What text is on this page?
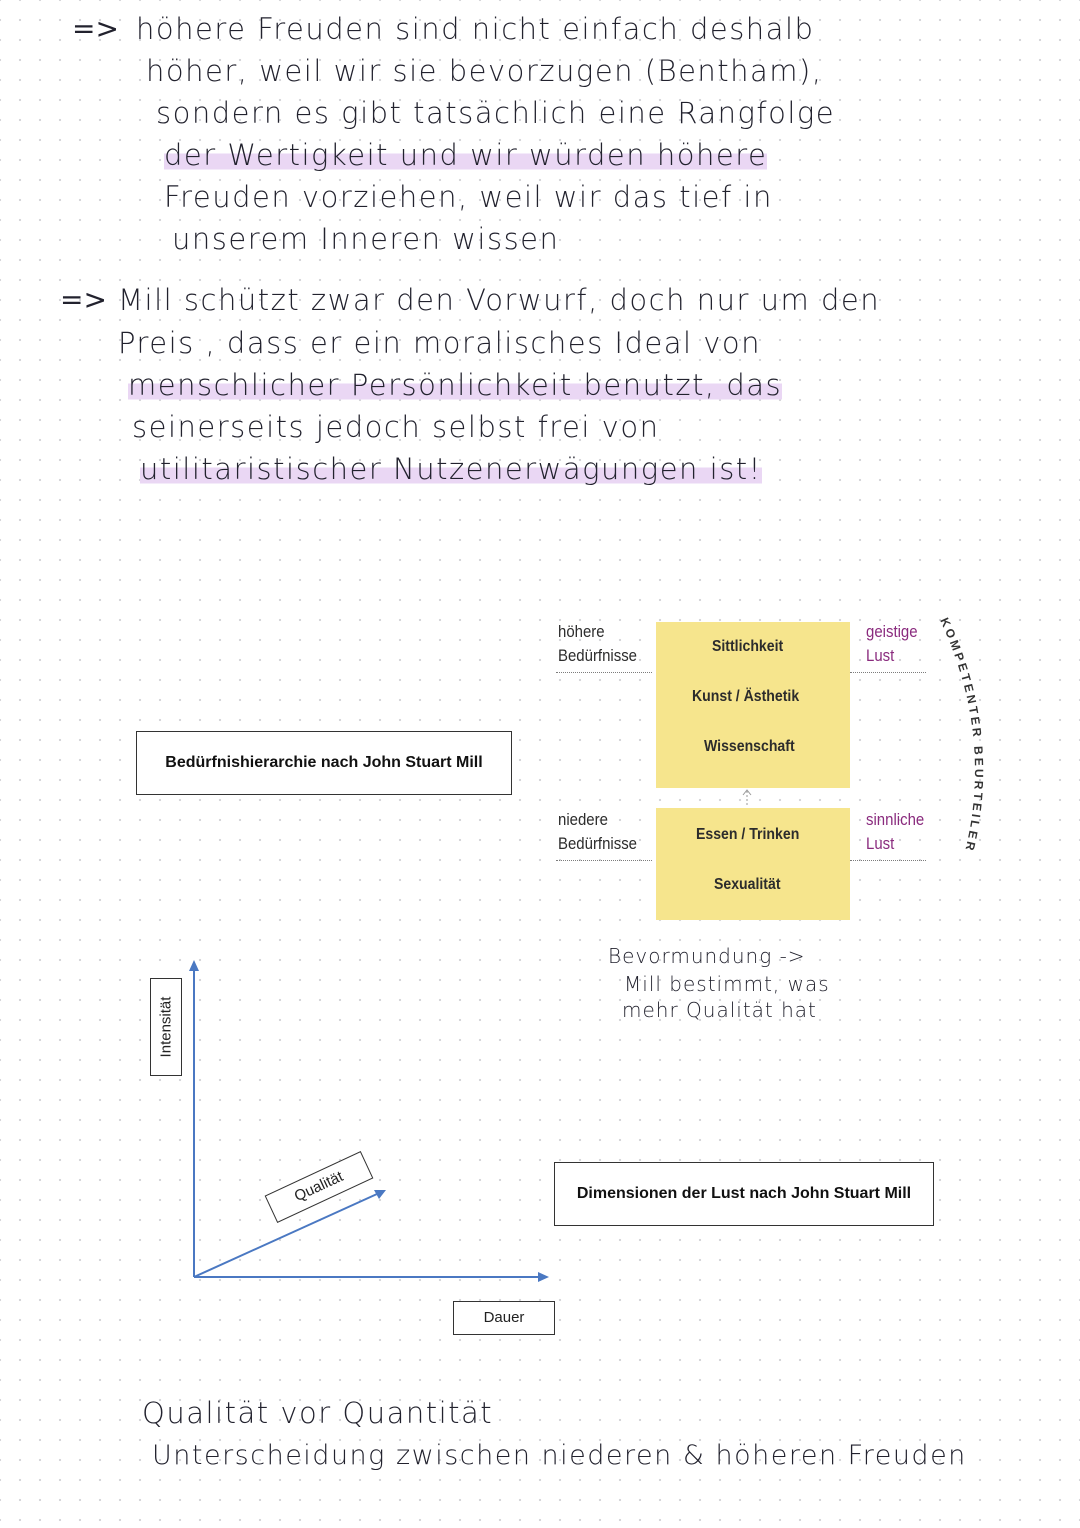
=> höhere Freuden sind nicht einfach deshalb
höher, weil wir sie bevorzugen (Bentham),
sondern es gibt tatsächlich eine Rangfolge
der Wertigkeit und wir würden höhere
Freuden vorziehen, weil wir das tief in
unserem Inneren wissen
=> Mill schützt zwar den Vorwurf, doch nur um den
Preis , dass er ein moralisches Ideal von
menschlicher Persönlichkeit benutzt, das
seinerseits jedoch selbst frei von
utilitaristischer Nutzenerwägungen ist!
Bedürfnishierarchie nach John Stuart Mill
höhere Bedürfnisse	Sittlichkeit
Kunst / Ästhetik
Wissenschaft
niedere Bedürfnisse	Essen / Trinken
Sexualität
geistige Lust
sinnliche Lust
KOMPETENTER BEURTEILER
Bevormundung ->
Mill bestimmt, was
mehr Qualität hat
Intensität
Qualität
Dauer
Dimensionen der Lust nach John Stuart Mill
Qualität vor Quantität
Unterscheidung zwischen niederen & höheren Freuden
